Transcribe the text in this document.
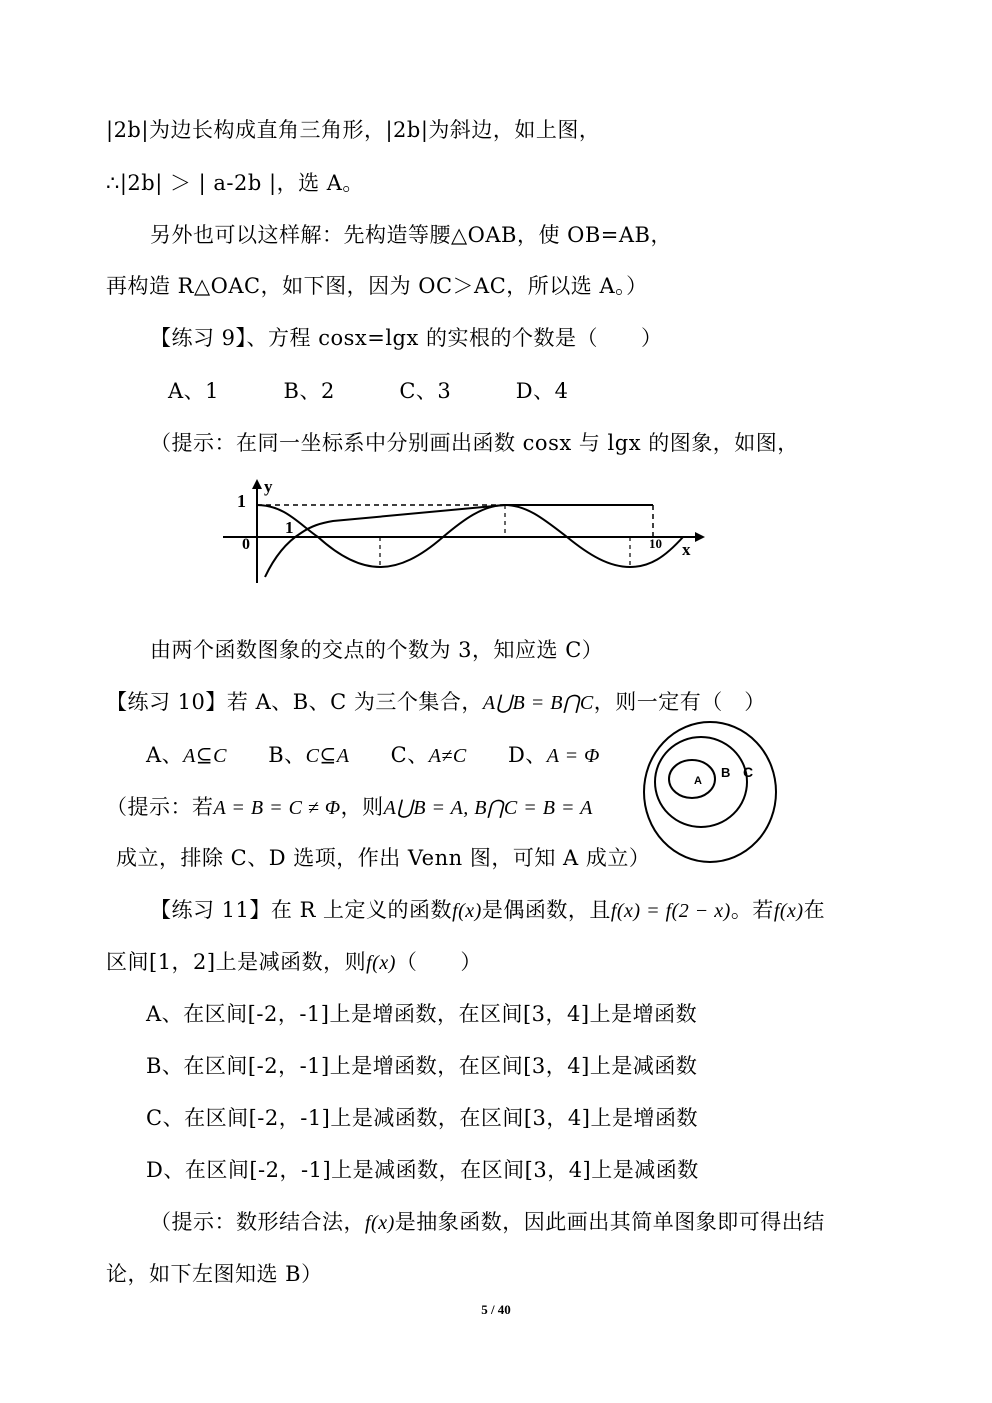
|2b|为边长构成直角三角形，|2b|为斜边，如上图，
∴|2b| ＞ | a-2b |，选 A。
另外也可以这样解：先构造等腰△OAB，使 OB=AB，
再构造 R△OAC，如下图，因为 OC＞AC，所以选 A。）
【练习 9】、方程 cosx=lgx 的实根的个数是（　　）
A、1　　　B、2　　　C、3　　　D、4
（提示：在同一坐标系中分别画出函数 cosx 与 lgx 的图象，如图，
1
y
0
1
10 x
由两个函数图象的交点的个数为 3，知应选 C）
【练习 10】若 A、B、C 为三个集合，A⋃B = B⋂C，则一定有（　）
A、A⊆C B、C⊆A C、A≠C D、A = Φ
（提示：若A = B = C ≠ Φ，则A⋃B = A, B⋂C = B = A
成立，排除 C、D 选项，作出 Venn 图，可知 A 成立）
A
B C
【练习 11】在 R 上定义的函数f(x)是偶函数，且f(x) = f(2 − x)。若f(x)在
区间[1，2]上是减函数，则f(x)（　　）
A、在区间[-2，-1]上是增函数，在区间[3，4]上是增函数
B、在区间[-2，-1]上是增函数，在区间[3，4]上是减函数
C、在区间[-2，-1]上是减函数，在区间[3，4]上是增函数
D、在区间[-2，-1]上是减函数，在区间[3，4]上是减函数
（提示：数形结合法，f(x)是抽象函数，因此画出其简单图象即可得出结
论，如下左图知选 B）
5 / 40
